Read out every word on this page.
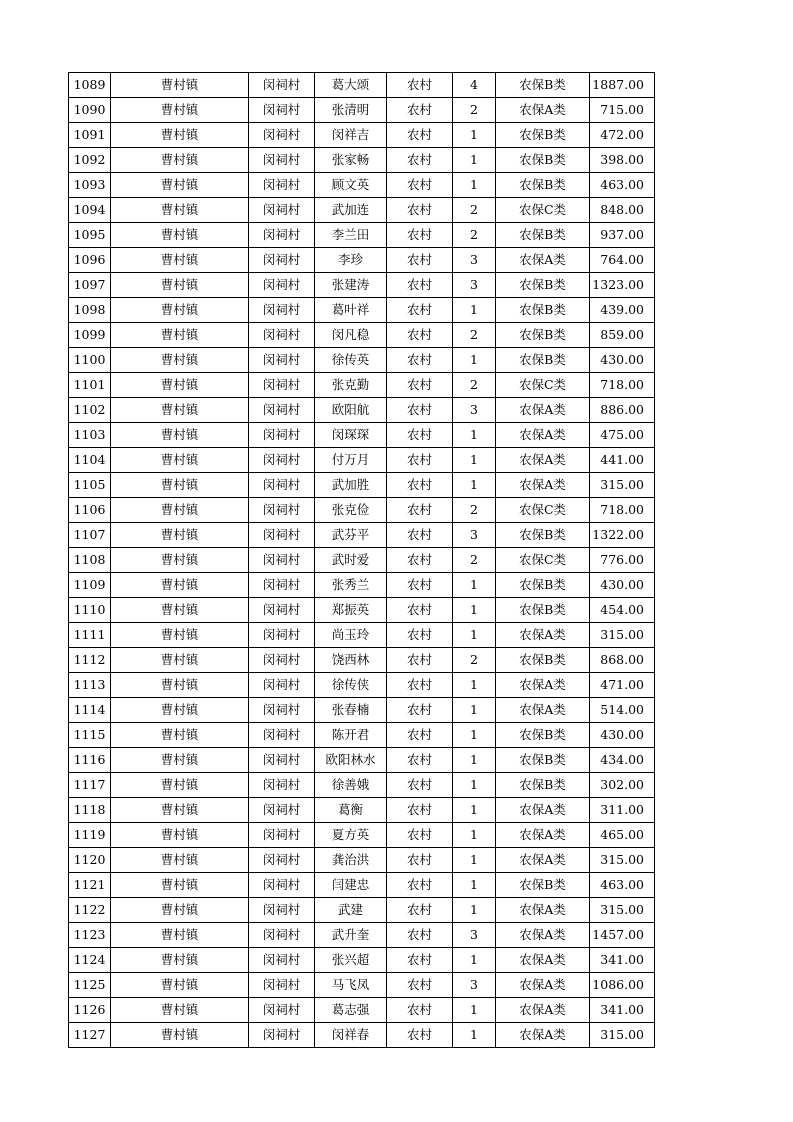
1089	曹村镇	闵祠村	葛大颂	农村	4	农保B类	1887.00
1090	曹村镇	闵祠村	张清明	农村	2	农保A类	715.00
1091	曹村镇	闵祠村	闵祥吉	农村	1	农保B类	472.00
1092	曹村镇	闵祠村	张家畅	农村	1	农保B类	398.00
1093	曹村镇	闵祠村	顾文英	农村	1	农保B类	463.00
1094	曹村镇	闵祠村	武加连	农村	2	农保C类	848.00
1095	曹村镇	闵祠村	李兰田	农村	2	农保B类	937.00
1096	曹村镇	闵祠村	李珍	农村	3	农保A类	764.00
1097	曹村镇	闵祠村	张建涛	农村	3	农保B类	1323.00
1098	曹村镇	闵祠村	葛叶祥	农村	1	农保B类	439.00
1099	曹村镇	闵祠村	闵凡稳	农村	2	农保B类	859.00
1100	曹村镇	闵祠村	徐传英	农村	1	农保B类	430.00
1101	曹村镇	闵祠村	张克勤	农村	2	农保C类	718.00
1102	曹村镇	闵祠村	欧阳航	农村	3	农保A类	886.00
1103	曹村镇	闵祠村	闵琛琛	农村	1	农保A类	475.00
1104	曹村镇	闵祠村	付万月	农村	1	农保A类	441.00
1105	曹村镇	闵祠村	武加胜	农村	1	农保A类	315.00
1106	曹村镇	闵祠村	张克俭	农村	2	农保C类	718.00
1107	曹村镇	闵祠村	武芬平	农村	3	农保B类	1322.00
1108	曹村镇	闵祠村	武时爱	农村	2	农保C类	776.00
1109	曹村镇	闵祠村	张秀兰	农村	1	农保B类	430.00
1110	曹村镇	闵祠村	郑振英	农村	1	农保B类	454.00
1111	曹村镇	闵祠村	尚玉玲	农村	1	农保A类	315.00
1112	曹村镇	闵祠村	饶西林	农村	2	农保B类	868.00
1113	曹村镇	闵祠村	徐传侠	农村	1	农保A类	471.00
1114	曹村镇	闵祠村	张春楠	农村	1	农保A类	514.00
1115	曹村镇	闵祠村	陈开君	农村	1	农保B类	430.00
1116	曹村镇	闵祠村	欧阳林水	农村	1	农保B类	434.00
1117	曹村镇	闵祠村	徐善娥	农村	1	农保B类	302.00
1118	曹村镇	闵祠村	葛衡	农村	1	农保A类	311.00
1119	曹村镇	闵祠村	夏方英	农村	1	农保A类	465.00
1120	曹村镇	闵祠村	龚治洪	农村	1	农保A类	315.00
1121	曹村镇	闵祠村	闫建忠	农村	1	农保B类	463.00
1122	曹村镇	闵祠村	武建	农村	1	农保A类	315.00
1123	曹村镇	闵祠村	武升奎	农村	3	农保A类	1457.00
1124	曹村镇	闵祠村	张兴超	农村	1	农保A类	341.00
1125	曹村镇	闵祠村	马飞凤	农村	3	农保A类	1086.00
1126	曹村镇	闵祠村	葛志强	农村	1	农保A类	341.00
1127	曹村镇	闵祠村	闵祥春	农村	1	农保A类	315.00
